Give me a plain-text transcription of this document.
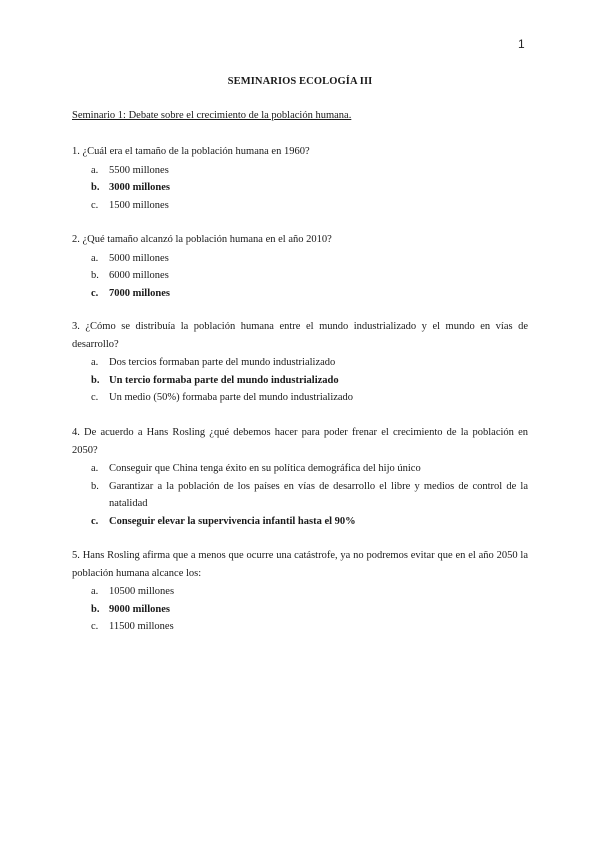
1
SEMINARIOS ECOLOGÍA III
Seminario 1: Debate sobre el crecimiento de la población humana.
1. ¿Cuál era el tamaño de la población humana en 1960?
a.	5500 millones
b. 3000 millones
c.	1500 millones
2. ¿Qué tamaño alcanzó la población humana en el año 2010?
a.	5000 millones
b. 6000 millones
c.	7000 millones
3. ¿Cómo se distribuía la población humana entre el mundo industrializado y el mundo en vías de desarrollo?
a.	Dos tercios formaban parte del mundo industrializado
b. Un tercio formaba parte del mundo industrializado
c.	Un medio (50%) formaba parte del mundo industrializado
4. De acuerdo a Hans Rosling ¿qué debemos hacer para poder frenar el crecimiento de la población en 2050?
a.	Conseguir que China tenga éxito en su política demográfica del hijo único
b. Garantizar a la población de los países en vías de desarrollo el libre y medios de control de la natalidad
c.	Conseguir elevar la supervivencia infantil hasta el 90%
5. Hans Rosling afirma que a menos que ocurre una catástrofe, ya no podremos evitar que en el año 2050 la población humana alcance los:
a.	10500 millones
b. 9000 millones
c.	11500 millones
